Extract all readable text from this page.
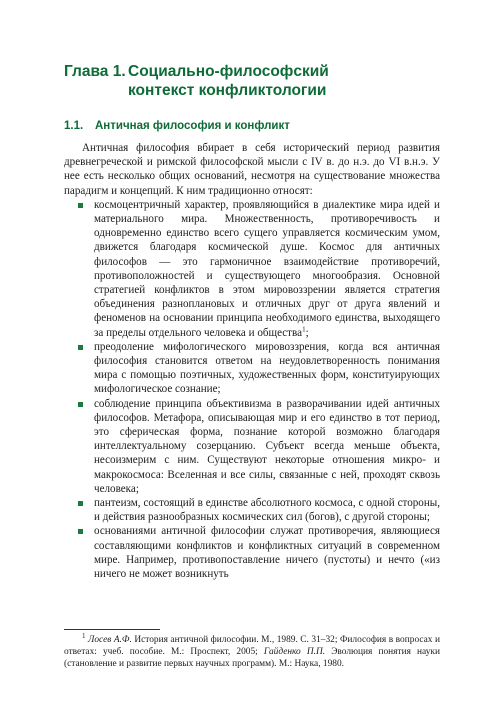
Глава 1. Социально-философский
контекст конфликтологии
1.1. Античная философия и конфликт

Античная философия вбирает в себя исторический период развития древнегреческой и римской философской мысли с IV в. до н.э. до VI в.н.э. У нее есть несколько общих оснований, несмотря на существование множества парадигм и концепций. К ним традиционно относят:

космоцентричный характер, проявляющийся в диалектике мира идей и материального мира. Множественность, противоречивость и одновременно единство всего сущего управляется космическим умом, движется благодаря космической душе. Космос для античных философов — это гармоничное взаимодействие противоречий, противоположностей и существующего многообразия. Основной стратегией конфликтов в этом мировоззрении является стратегия объединения разноплановых и отличных друг от друга явлений и феноменов на основании принципа необходимого единства, выходящего за пределы отдельного человека и общества$^1$;
преодоление мифологического мировоззрения, когда вся античная философия становится ответом на неудовлетворенность понимания мира с помощью поэтичных, художественных форм, конституирующих мифологическое сознание;
соблюдение принципа объективизма в разворачивании идей античных философов. Метафора, описывающая мир и его единство в тот период, это сферическая форма, познание которой возможно благодаря интеллектуальному созерцанию. Субъект всегда меньше объекта, несоизмерим с ним. Существуют некоторые отношения микро- и макрокосмоса: Вселенная и все силы, связанные с ней, проходят сквозь человека;
пантеизм, состоящий в единстве абсолютного космоса, с одной стороны, и действия разнообразных космических сил (богов), с другой стороны;
основаниями античной философии служат противоречия, являющиеся составляющими конфликтов и конфликтных ситуаций в современном мире. Например, противопоставление ничего (пустоты) и нечто («из ничего не может возникнуть

$^1$ Лосев А.Ф. История античной философии. М., 1989. С. 31–32; Философия в вопросах и ответах: учеб. пособие. М.: Проспект, 2005; Гайденко П.П. Эволюция понятия науки (становление и развитие первых научных программ). М.: Наука, 1980.
